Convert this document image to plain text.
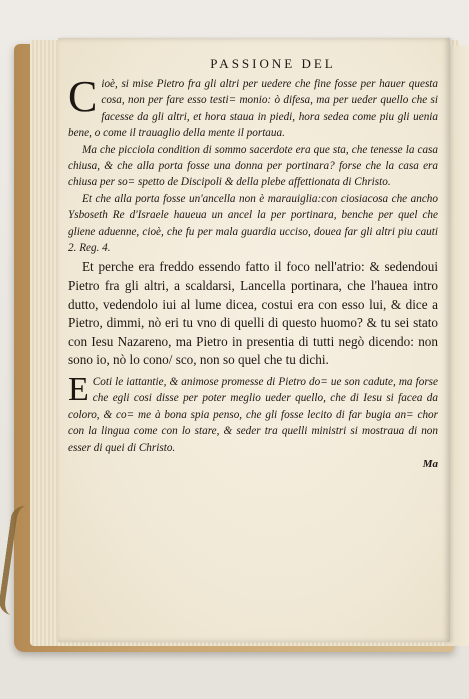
PASSIONE DEL

C ioè, si mise Pietro fra gli altri per uedere che fine fosse per hauer questa cosa, non per fare esso testi= monio: ò difesa, ma per ueder quello che si facesse da gli altri, et hora staua in piedi, hora sedea come piu gli uenia bene, o come il trauaglio della mente il portaua.

Ma che picciola condition di sommo sacerdote era que sta, che tenesse la casa chiusa, & che alla porta fosse una donna per portinara? forse che la casa era chiusa per so= spetto de Discipoli & della plebe affettionata di Christo.

Et che alla porta fosse un'ancella non è marauiglia:con ciosiacosa che ancho Ysboseth Re d'Israele haueua un ancel la per portinara, benche per quel che gliene aduenne, cioè, che fu per mala guardia ucciso, douea far gli altri piu cauti 2. Reg. 4.

Et perche era freddo essendo fatto il foco nell'atrio: & sedendoui Pietro fra gli altri, a scaldarsi, Lancella portinara, che l'hauea intro dutto, vedendolo iui al lume dicea, costui era con esso lui, & dice a Pietro, dimmi, nò eri tu vno di quelli di questo huomo? & tu sei stato con Iesu Nazareno, ma Pietro in presentia di tutti negò dicendo: non sono io, nò lo cono/ sco, non so quel che tu dichi.

E Coti le iattantie, & animose promesse di Pietro do= ue son cadute, ma forse che egli cosi disse per poter meglio ueder quello, che di Iesu si facea da coloro, & co= me à bona spia penso, che gli fosse lecito di far bugia an= chor con la lingua come con lo stare, & seder tra quelli ministri si mostraua di non esser di quei di Christo.

Ma
